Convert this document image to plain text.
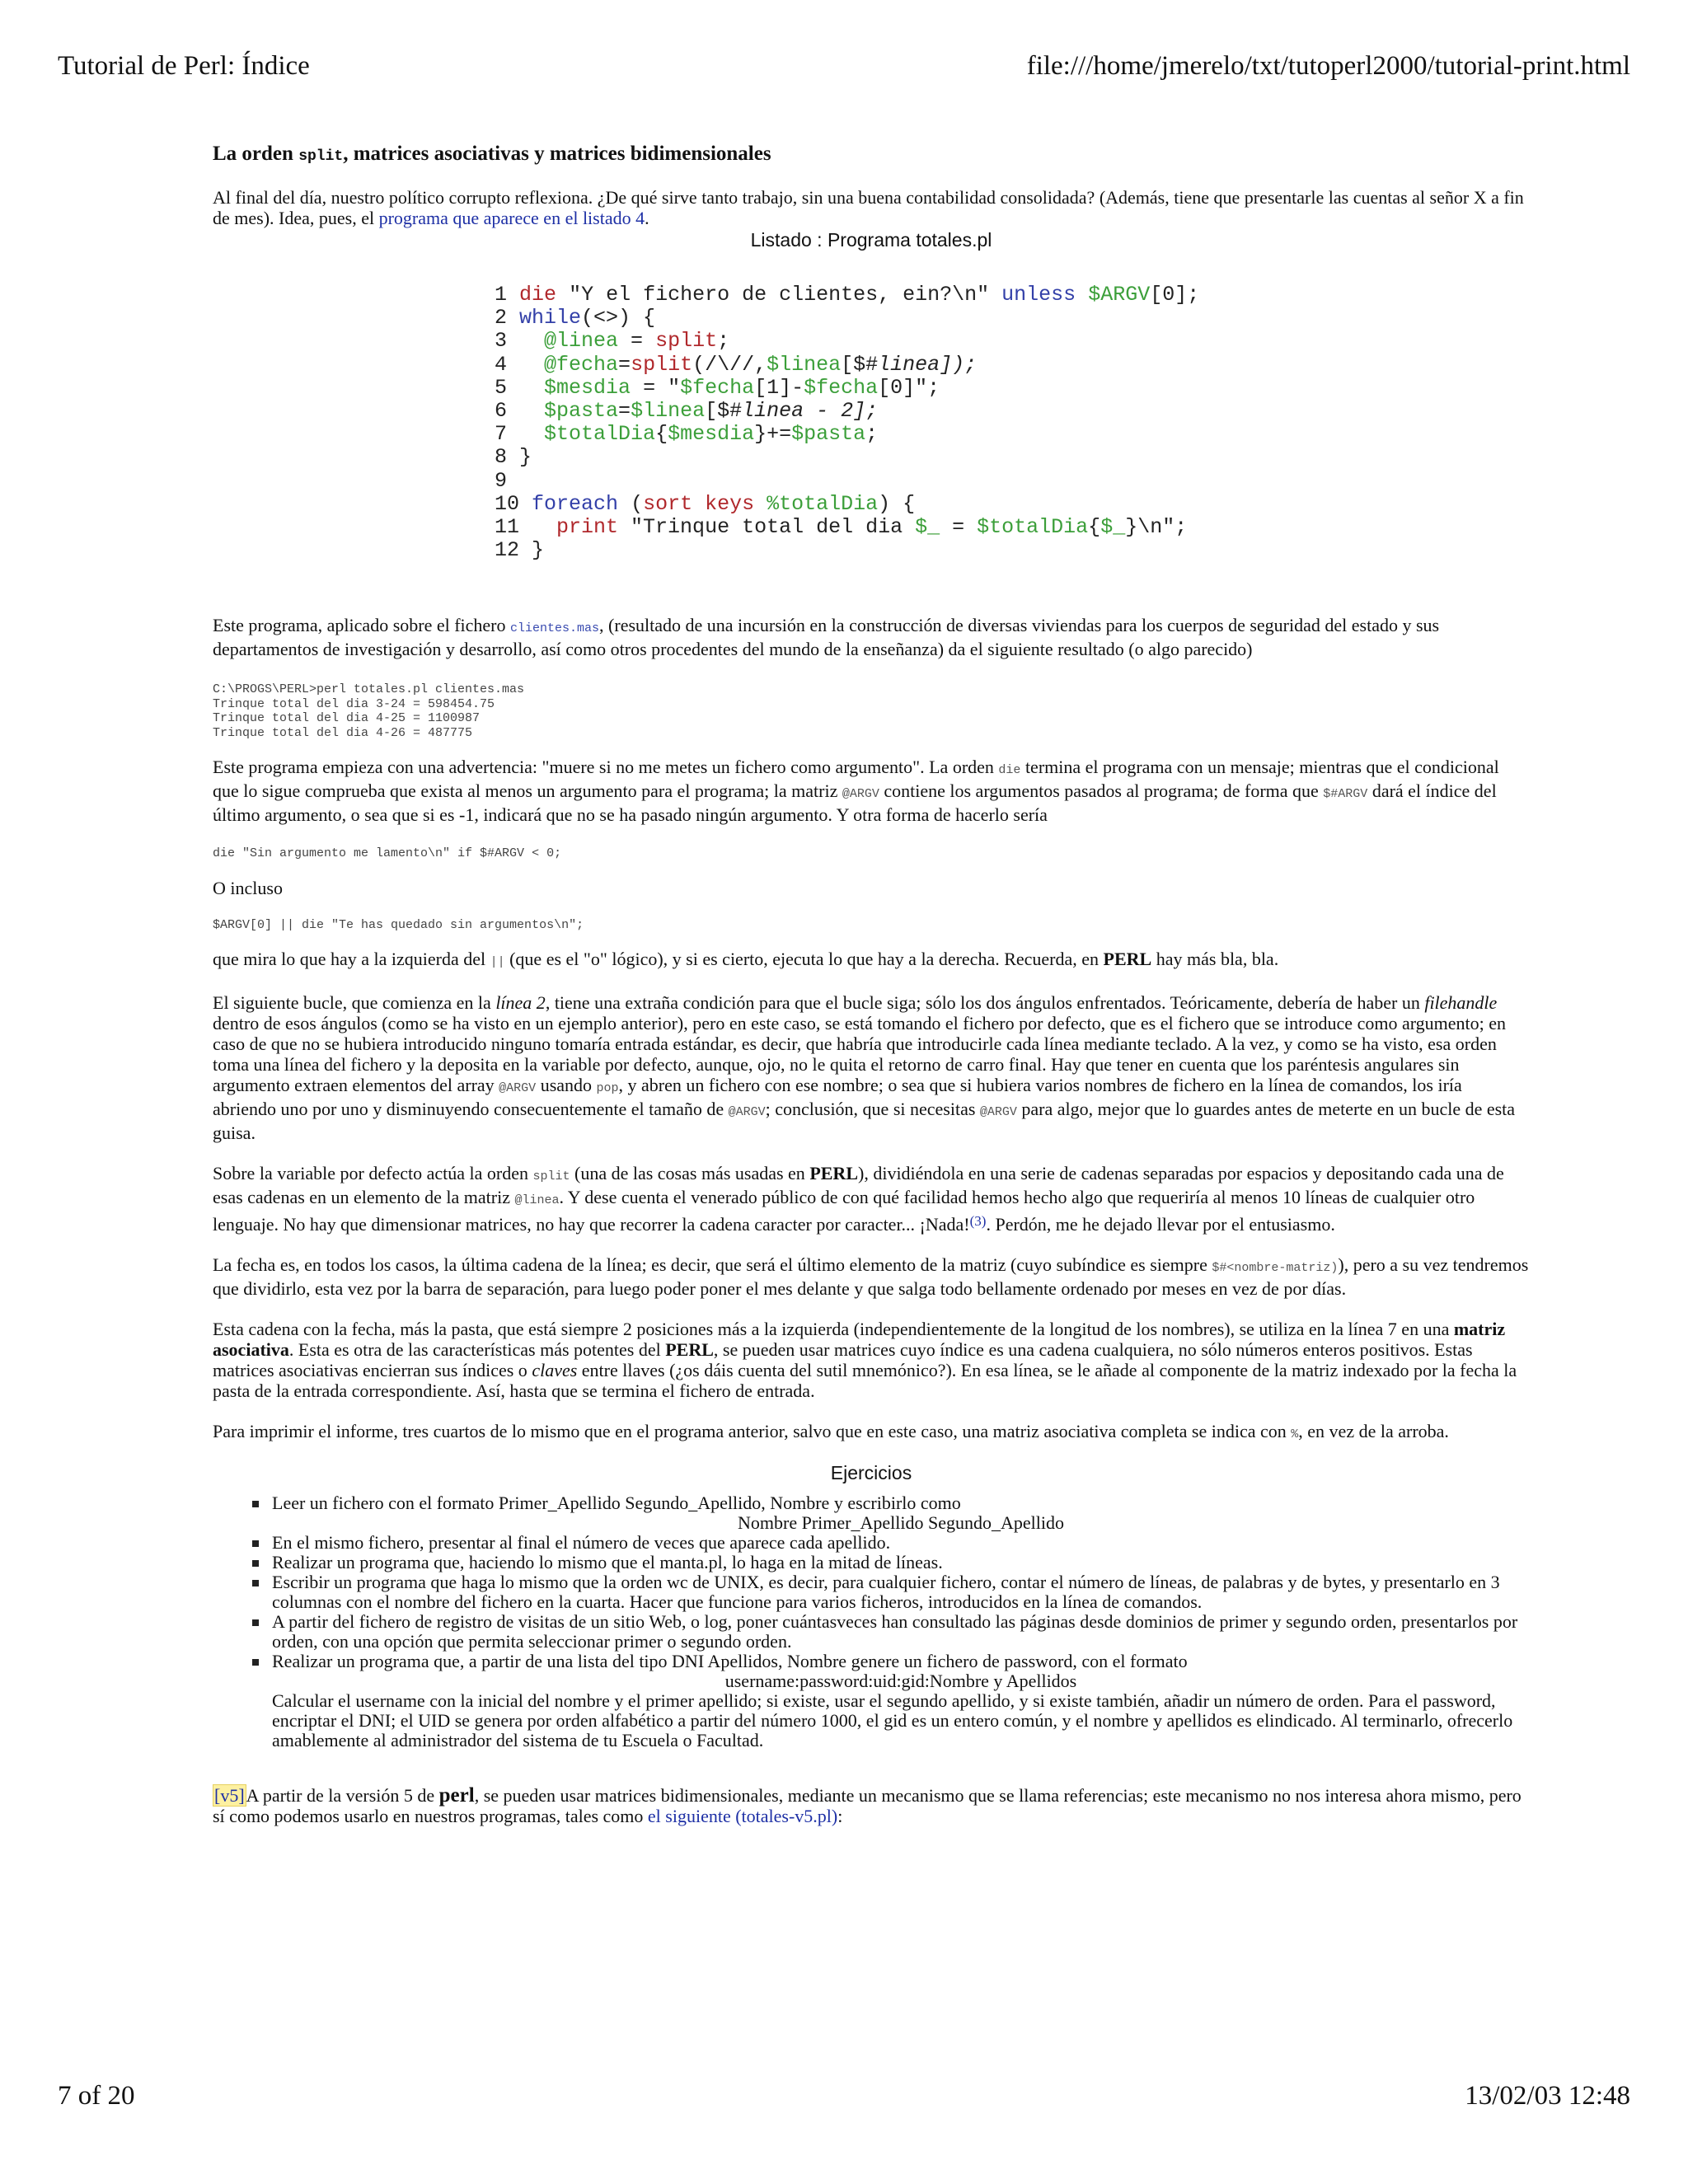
Tutorial de Perl: Índice	file:///home/jmerelo/txt/tutoperl2000/tutorial-print.html
La orden split, matrices asociativas y matrices bidimensionales

Al final del día, nuestro político corrupto reflexiona. ¿De qué sirve tanto trabajo, sin una buena contabilidad consolidada? (Además, tiene que presentarle las cuentas al señor X a fin de mes). Idea, pues, el programa que aparece en el listado 4.

Listado : Programa totales.pl
1 die "Y el fichero de clientes, ein?\n" unless $ARGV[0];
2 while(<>) {
3 @linea = split;
4 @fecha=split(/\//,$linea[$#linea]);
5 $mesdia = "$fecha[1]-$fecha[0]";
6 $pasta=$linea[$#linea - 2];
7 $totalDia{$mesdia}+=$pasta;
8 }
9
10 foreach (sort keys %totalDia) {
11 print "Trinque total del dia $_ = $totalDia{$_}\n";
12 }

Este programa, aplicado sobre el fichero clientes.mas, (resultado de una incursión en la construcción de diversas viviendas para los cuerpos de seguridad del estado y sus departamentos de investigación y desarrollo, así como otros procedentes del mundo de la enseñanza) da el siguiente resultado (o algo parecido)

C:\PROGS\PERL>perl totales.pl clientes.mas
Trinque total del dia 3-24 = 598454.75
Trinque total del dia 4-25 = 1100987
Trinque total del dia 4-26 = 487775

Este programa empieza con una advertencia: "muere si no me metes un fichero como argumento". La orden die termina el programa con un mensaje; mientras que el condicional que lo sigue comprueba que exista al menos un argumento para el programa; la matriz @ARGV contiene los argumentos pasados al programa; de forma que $#ARGV dará el índice del último argumento, o sea que si es -1, indicará que no se ha pasado ningún argumento. Y otra forma de hacerlo sería

die "Sin argumento me lamento\n" if $#ARGV < 0;

O incluso

$ARGV[0] || die "Te has quedado sin argumentos\n";

que mira lo que hay a la izquierda del || (que es el "o" lógico), y si es cierto, ejecuta lo que hay a la derecha. Recuerda, en PERL hay más bla, bla.

El siguiente bucle, que comienza en la línea 2, tiene una extraña condición para que el bucle siga; sólo los dos ángulos enfrentados. Teóricamente, debería de haber un filehandle dentro de esos ángulos (como se ha visto en un ejemplo anterior), pero en este caso, se está tomando el fichero por defecto, que es el fichero que se introduce como argumento; en caso de que no se hubiera introducido ninguno tomaría entrada estándar, es decir, que habría que introducirle cada línea mediante teclado. A la vez, y como se ha visto, esa orden toma una línea del fichero y la deposita en la variable por defecto, aunque, ojo, no le quita el retorno de carro final. Hay que tener en cuenta que los paréntesis angulares sin argumento extraen elementos del array @ARGV usando pop, y abren un fichero con ese nombre; o sea que si hubiera varios nombres de fichero en la línea de comandos, los iría abriendo uno por uno y disminuyendo consecuentemente el tamaño de @ARGV; conclusión, que si necesitas @ARGV para algo, mejor que lo guardes antes de meterte en un bucle de esta guisa.

Sobre la variable por defecto actúa la orden split (una de las cosas más usadas en PERL), dividiéndola en una serie de cadenas separadas por espacios y depositando cada una de esas cadenas en un elemento de la matriz @linea. Y dese cuenta el venerado público de con qué facilidad hemos hecho algo que requeriría al menos 10 líneas de cualquier otro lenguaje. No hay que dimensionar matrices, no hay que recorrer la cadena caracter por caracter... ¡Nada!$^{(3)}$. Perdón, me he dejado llevar por el entusiasmo.

La fecha es, en todos los casos, la última cadena de la línea; es decir, que será el último elemento de la matriz (cuyo subíndice es siempre $#<nombre-matriz)), pero a su vez tendremos que dividirlo, esta vez por la barra de separación, para luego poder poner el mes delante y que salga todo bellamente ordenado por meses en vez de por días.

Esta cadena con la fecha, más la pasta, que está siempre 2 posiciones más a la izquierda (independientemente de la longitud de los nombres), se utiliza en la línea 7 en una matriz asociativa. Esta es otra de las características más potentes del PERL, se pueden usar matrices cuyo índice es una cadena cualquiera, no sólo números enteros positivos. Estas matrices asociativas encierran sus índices o claves entre llaves (¿os dáis cuenta del sutil mnemónico?). En esa línea, se le añade al componente de la matriz indexado por la fecha la pasta de la entrada correspondiente. Así, hasta que se termina el fichero de entrada.

Para imprimir el informe, tres cuartos de lo mismo que en el programa anterior, salvo que en este caso, una matriz asociativa completa se indica con %, en vez de la arroba.

Ejercicios
Leer un fichero con el formato Primer_Apellido Segundo_Apellido, Nombre y escribirlo como
Nombre Primer_Apellido Segundo_Apellido
En el mismo fichero, presentar al final el número de veces que aparece cada apellido.
Realizar un programa que, haciendo lo mismo que el manta.pl, lo haga en la mitad de líneas.
Escribir un programa que haga lo mismo que la orden wc de UNIX, es decir, para cualquier fichero, contar el número de líneas, de palabras y de bytes, y presentarlo en 3 columnas con el nombre del fichero en la cuarta. Hacer que funcione para varios ficheros, introducidos en la línea de comandos.
A partir del fichero de registro de visitas de un sitio Web, o log, poner cuántasveces han consultado las páginas desde dominios de primer y segundo orden, presentarlos por orden, con una opción que permita seleccionar primer o segundo orden.
Realizar un programa que, a partir de una lista del tipo DNI Apellidos, Nombre genere un fichero de password, con el formato
username:password:uid:gid:Nombre y Apellidos
Calcular el username con la inicial del nombre y el primer apellido; si existe, usar el segundo apellido, y si existe también, añadir un número de orden. Para el password, encriptar el DNI; el UID se genera por orden alfabético a partir del número 1000, el gid es un entero común, y el nombre y apellidos es elindicado. Al terminarlo, ofrecerlo amablemente al administrador del sistema de tu Escuela o Facultad.

[v5]A partir de la versión 5 de perl, se pueden usar matrices bidimensionales, mediante un mecanismo que se llama referencias; este mecanismo no nos interesa ahora mismo, pero sí como podemos usarlo en nuestros programas, tales como el siguiente (totales-v5.pl):

7 of 20	13/02/03 12:48
